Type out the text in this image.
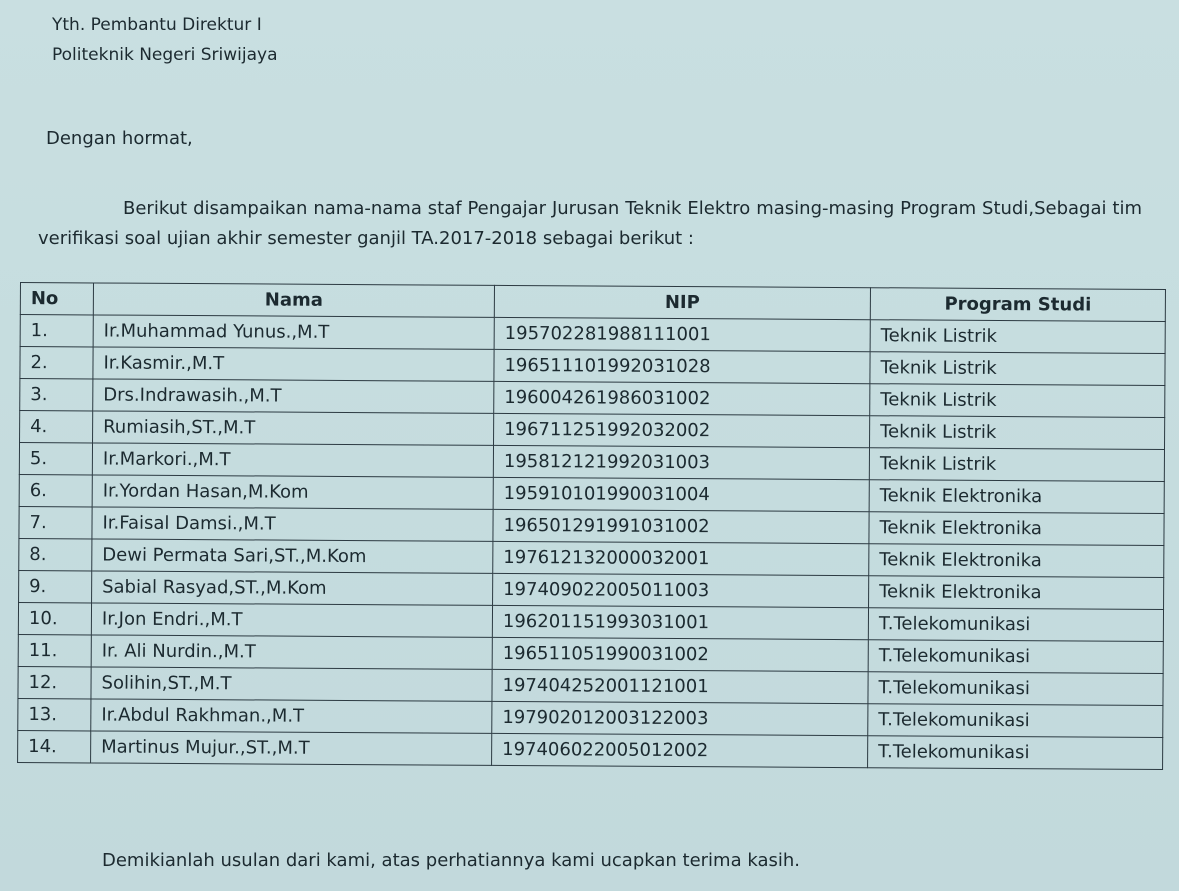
Yth. Pembantu Direktur I
Politeknik Negeri Sriwijaya
Dengan hormat,
Berikut disampaikan nama-nama staf Pengajar Jurusan Teknik Elektro masing-masing Program Studi,Sebagai tim verifikasi soal ujian akhir semester ganjil TA.2017-2018 sebagai berikut :
No	Nama	NIP	Program Studi
1.	Ir.Muhammad Yunus.,M.T	195702281988111001	Teknik Listrik
2.	Ir.Kasmir.,M.T	196511101992031028	Teknik Listrik
3.	Drs.Indrawasih.,M.T	196004261986031002	Teknik Listrik
4.	Rumiasih,ST.,M.T	196711251992032002	Teknik Listrik
5.	Ir.Markori.,M.T	195812121992031003	Teknik Listrik
6.	Ir.Yordan Hasan,M.Kom	195910101990031004	Teknik Elektronika
7.	Ir.Faisal Damsi.,M.T	196501291991031002	Teknik Elektronika
8.	Dewi Permata Sari,ST.,M.Kom	197612132000032001	Teknik Elektronika
9.	Sabial Rasyad,ST.,M.Kom	197409022005011003	Teknik Elektronika
10.	Ir.Jon Endri.,M.T	196201151993031001	T.Telekomunikasi
11.	Ir. Ali Nurdin.,M.T	196511051990031002	T.Telekomunikasi
12.	Solihin,ST.,M.T	197404252001121001	T.Telekomunikasi
13.	Ir.Abdul Rakhman.,M.T	197902012003122003	T.Telekomunikasi
14.	Martinus Mujur.,ST.,M.T	197406022005012002	T.Telekomunikasi
Demikianlah usulan dari kami, atas perhatiannya kami ucapkan terima kasih.
